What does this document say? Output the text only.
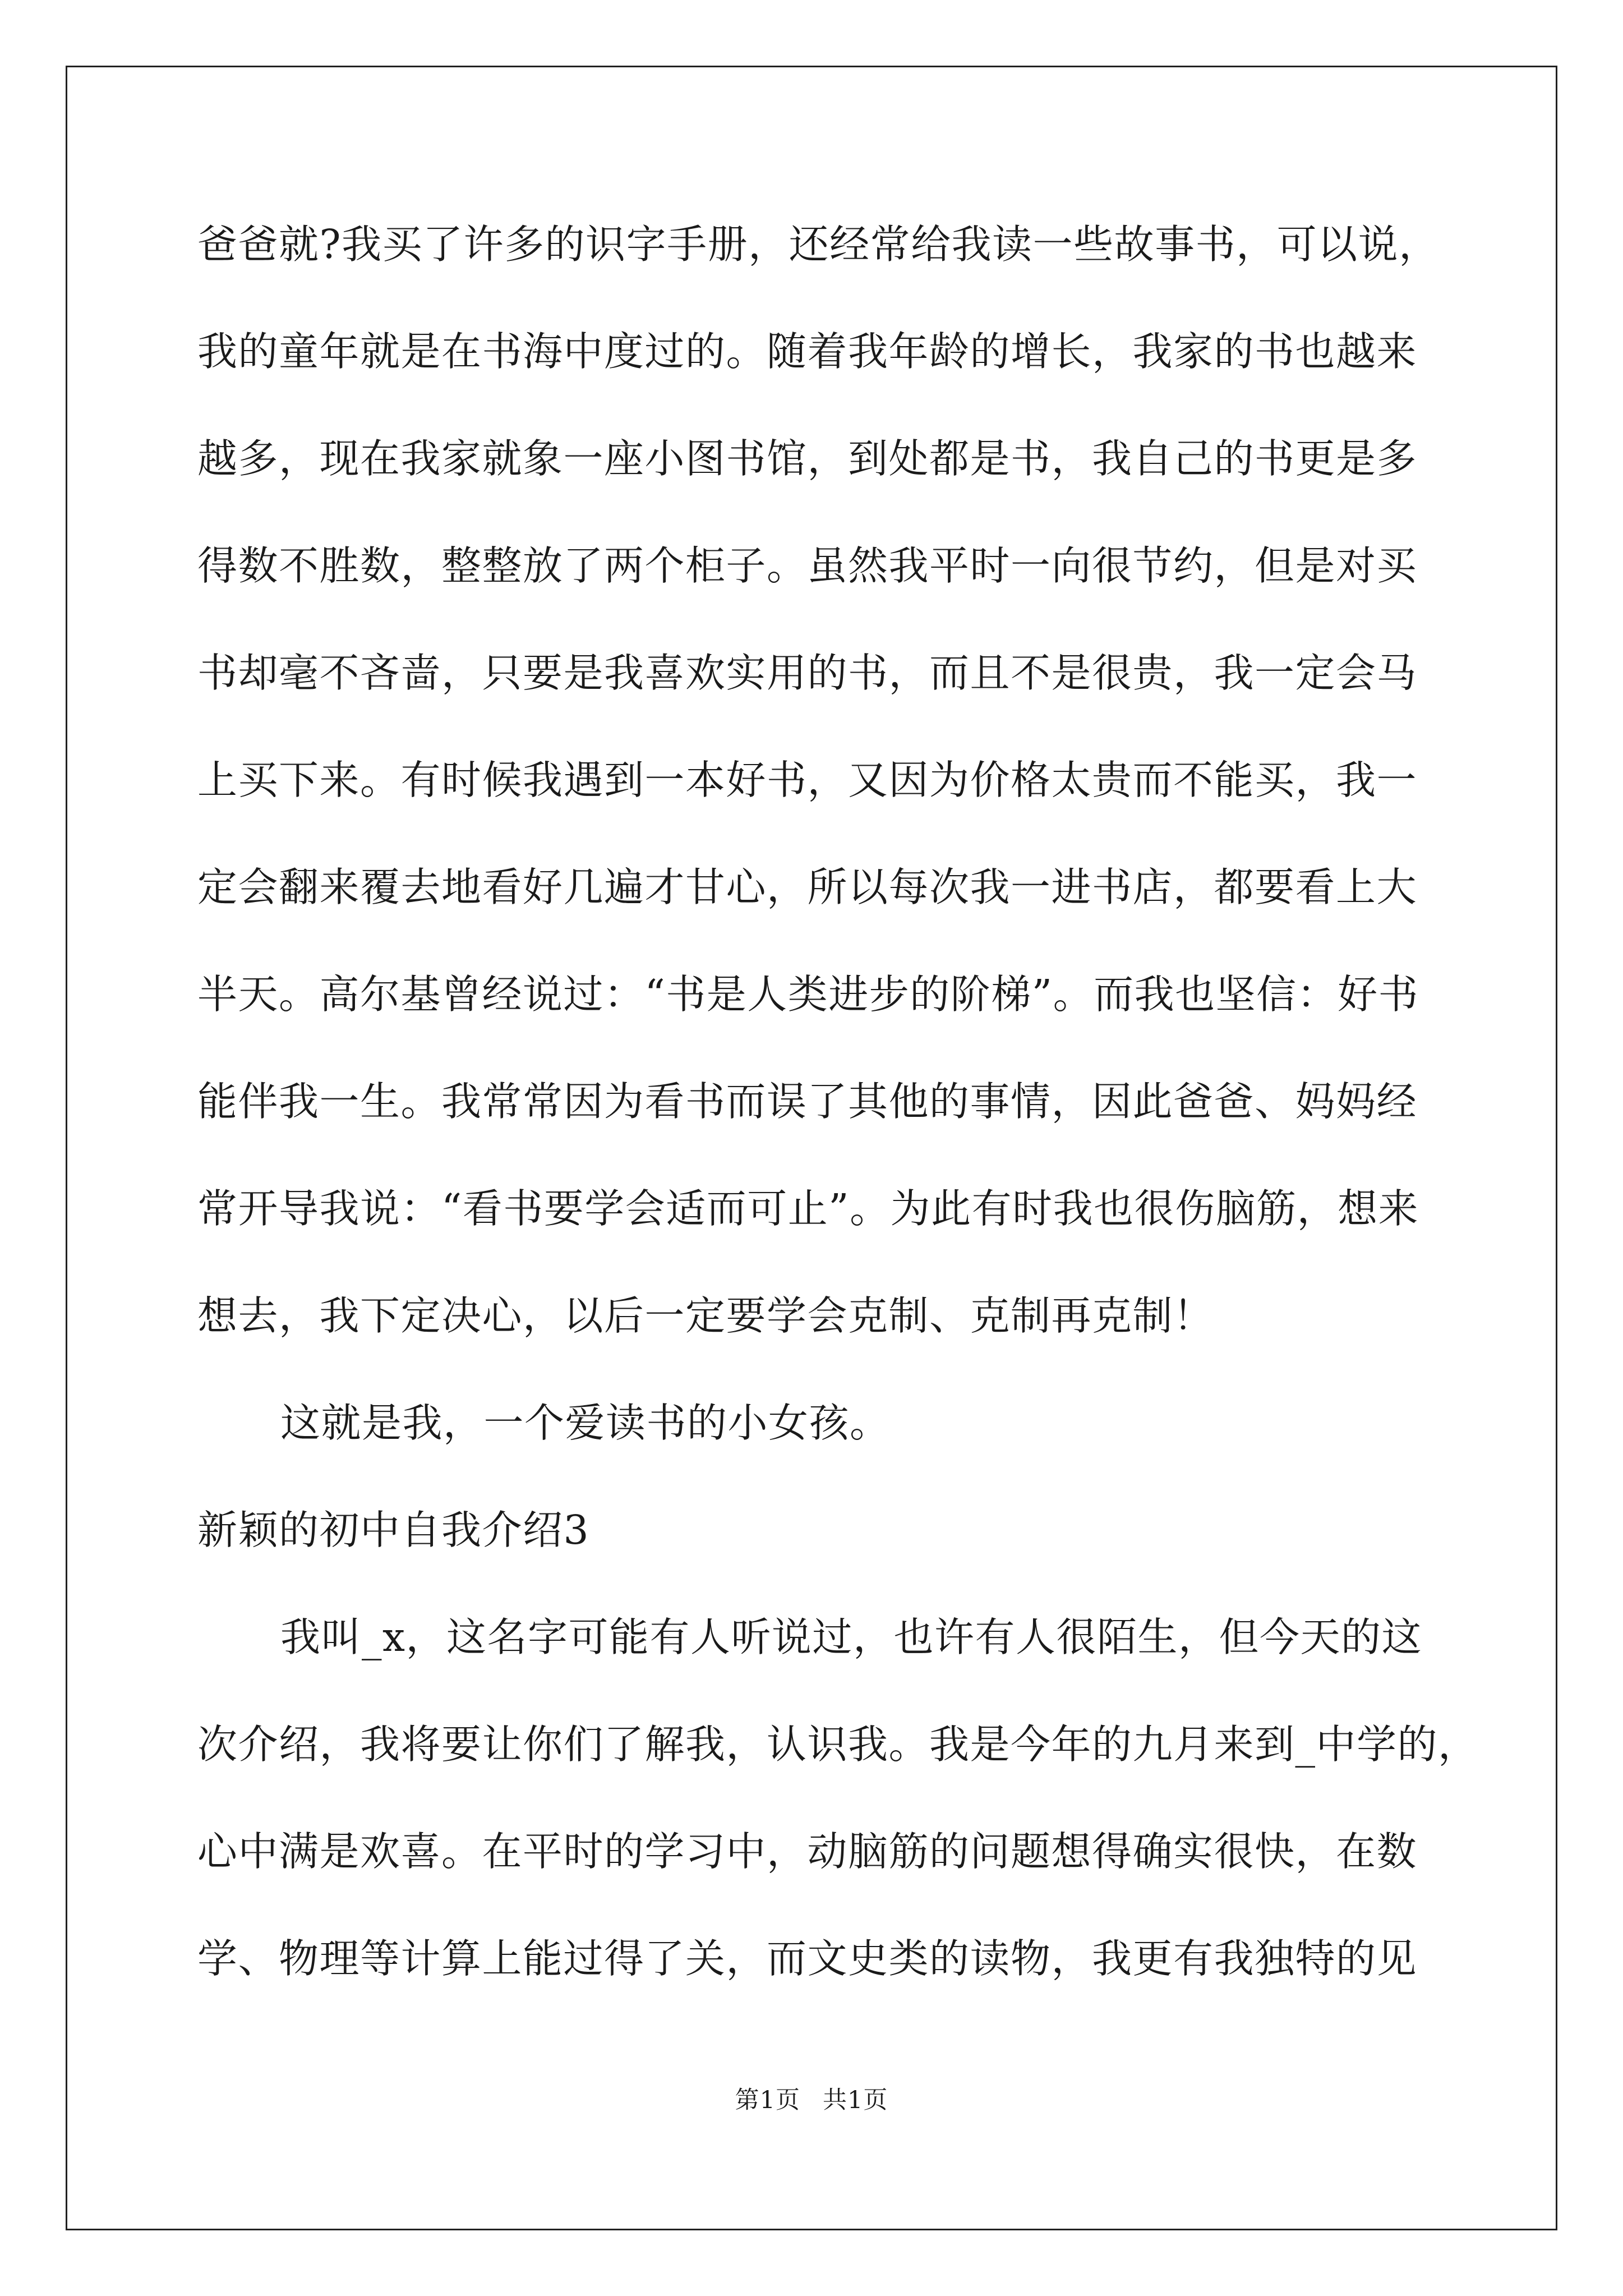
爸爸就?我买了许多的识字手册，还经常给我读一些故事书，可以说，
我的童年就是在书海中度过的。随着我年龄的增长，我家的书也越来
越多，现在我家就象一座小图书馆，到处都是书，我自己的书更是多
得数不胜数，整整放了两个柜子。虽然我平时一向很节约，但是对买
书却毫不吝啬，只要是我喜欢实用的书，而且不是很贵，我一定会马
上买下来。有时候我遇到一本好书，又因为价格太贵而不能买，我一
定会翻来覆去地看好几遍才甘心，所以每次我一进书店，都要看上大
半天。高尔基曾经说过：“书是人类进步的阶梯”。而我也坚信：好书
能伴我一生。我常常因为看书而误了其他的事情，因此爸爸、妈妈经
常开导我说：“看书要学会适而可止”。为此有时我也很伤脑筋，想来
想去，我下定决心，以后一定要学会克制、克制再克制！
这就是我，一个爱读书的小女孩。
新颖的初中自我介绍3
我叫_x，这名字可能有人听说过，也许有人很陌生，但今天的这
次介绍，我将要让你们了解我，认识我。我是今年的九月来到_中学的，
心中满是欢喜。在平时的学习中，动脑筋的问题想得确实很快，在数
学、物理等计算上能过得了关，而文史类的读物，我更有我独特的见
第1页 共1页
